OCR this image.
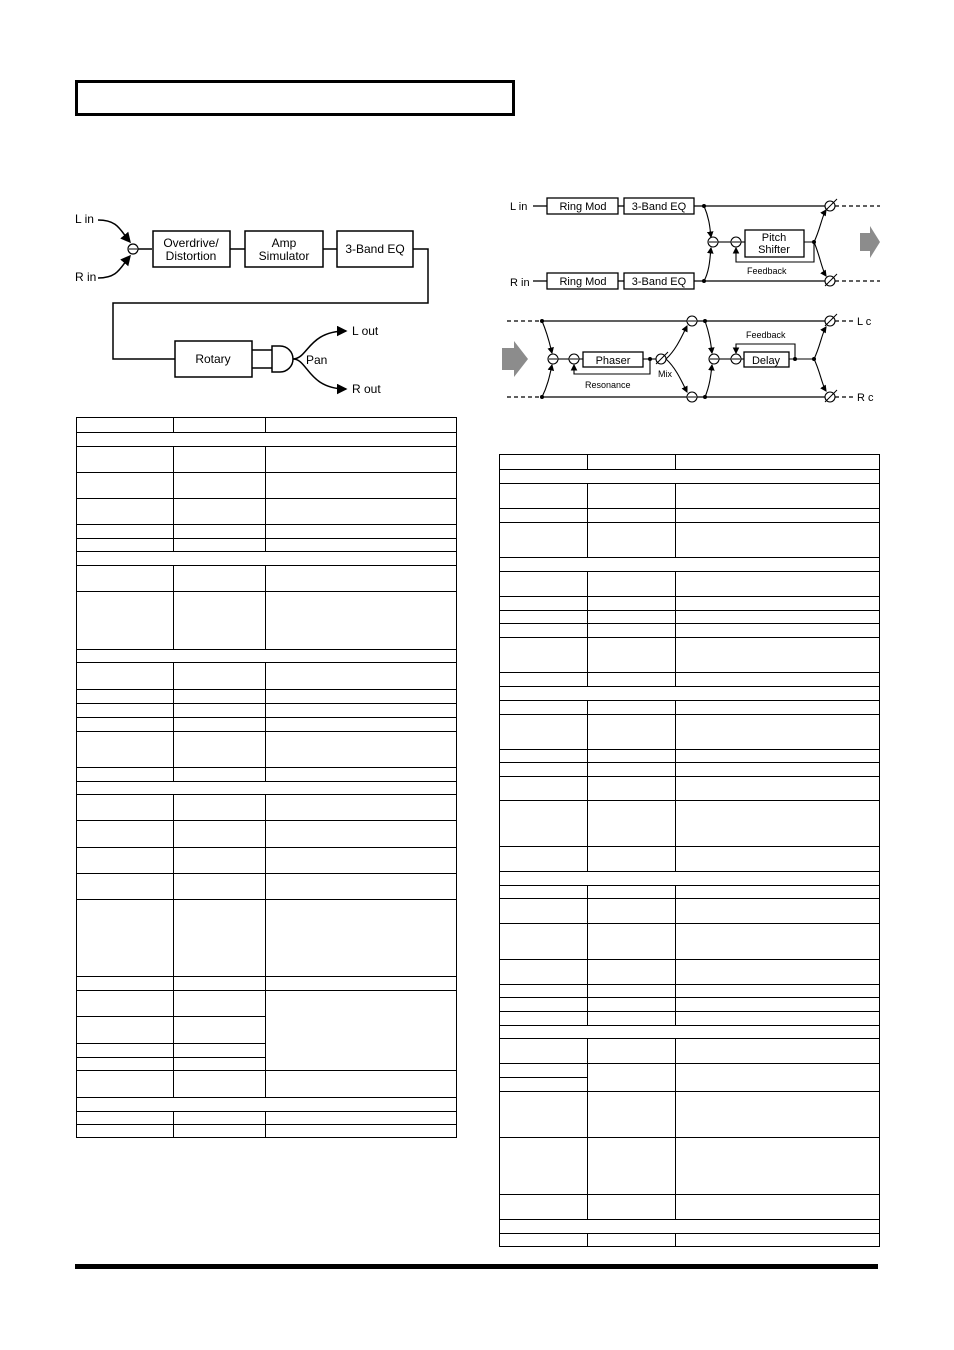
L in
R in
Overdrive/
Distortion
Amp
Simulator	3-Band EQ
Rotary	Pan
L out
R out
L in
R in
Ring Mod
Ring Mod
3-Band EQ
3-Band EQ
Pitch
Shifter
Feedback
Phaser
Resonance
Mix
Delay
Feedback
L c
R c
